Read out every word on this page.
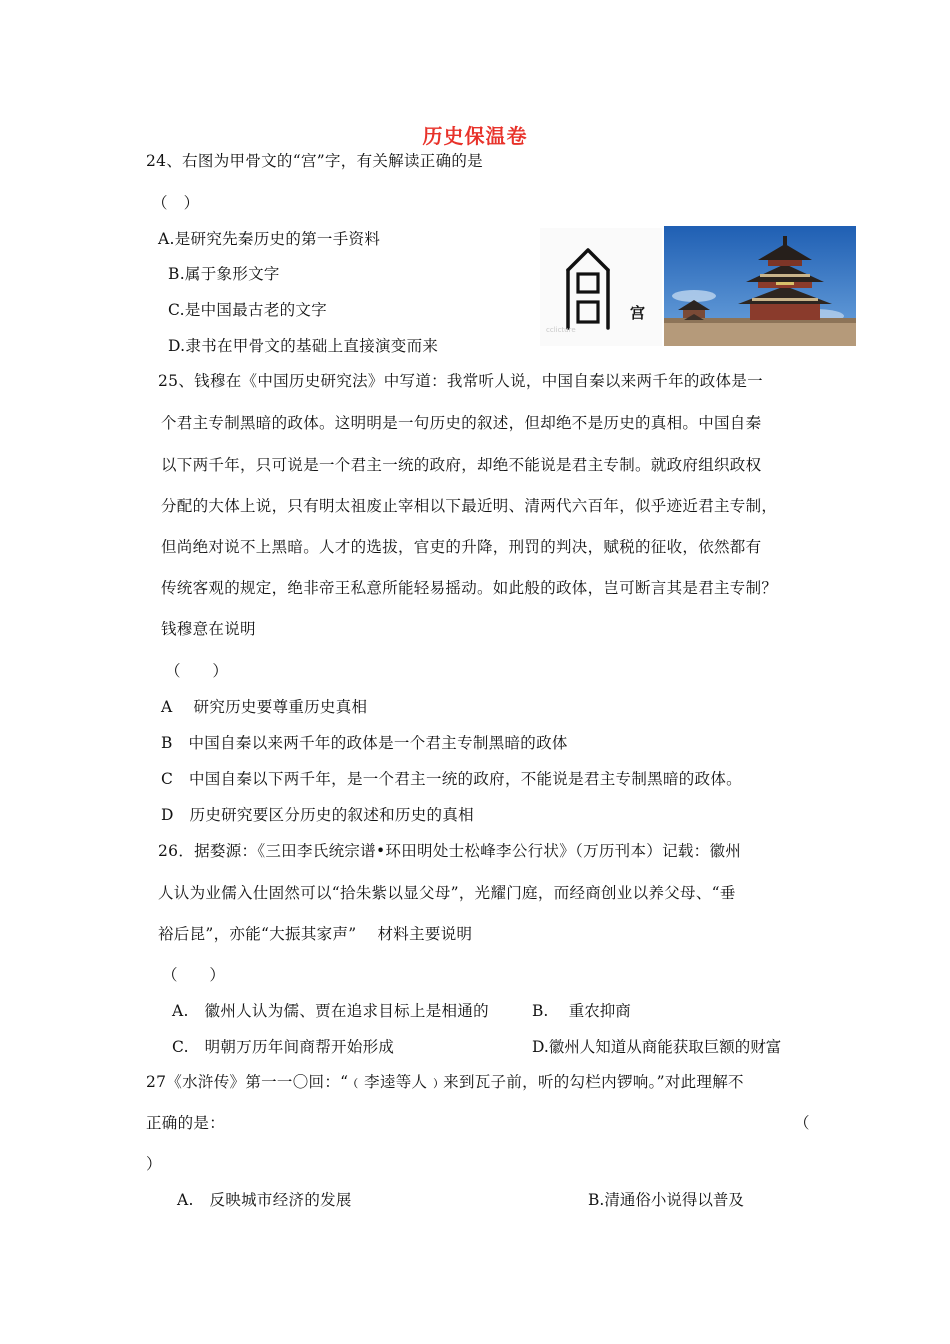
历史保温卷
24、右图为甲骨文的“宫”字，有关解读正确的是
（　）
A.是研究先秦历史的第一手资料
B.属于象形文字
C.是中国最古老的文字
D.隶书在甲骨文的基础上直接演变而来
cclicture
宫
25、钱穆在《中国历史研究法》中写道：我常听人说，中国自秦以来两千年的政体是一
个君主专制黑暗的政体。这明明是一句历史的叙述，但却绝不是历史的真相。中国自秦
以下两千年，只可说是一个君主一统的政府，却绝不能说是君主专制。就政府组织政权
分配的大体上说，只有明太祖废止宰相以下最近明、清两代六百年，似乎迹近君主专制，
但尚绝对说不上黑暗。人才的选拔，官吏的升降，刑罚的判决，赋税的征收，依然都有
传统客观的规定，绝非帝王私意所能轻易摇动。如此般的政体，岂可断言其是君主专制？
钱穆意在说明
（　　）
A　 研究历史要尊重历史真相
B　中国自秦以来两千年的政体是一个君主专制黑暗的政体
C　中国自秦以下两千年，是一个君主一统的政府，不能说是君主专制黑暗的政体。
D　历史研究要区分历史的叙述和历史的真相
26．据婺源：《三田李氏统宗谱•环田明处士松峰李公行状》（万历刊本）记载：徽州
人认为业儒入仕固然可以“拾朱紫以显父母”，光耀门庭，而经商创业以养父母、“垂
裕后昆”，亦能“大振其家声”　 材料主要说明
（　　）
A.　徽州人认为儒、贾在追求目标上是相通的	B.　 重农抑商
C.　明朝万历年间商帮开始形成	D.徽州人知道从商能获取巨额的财富
27《水浒传》第一一〇回：“﹙李逵等人﹚来到瓦子前，听的勾栏内锣响。”对此理解不
正确的是：	（
）
A.　反映城市经济的发展	B.清通俗小说得以普及
